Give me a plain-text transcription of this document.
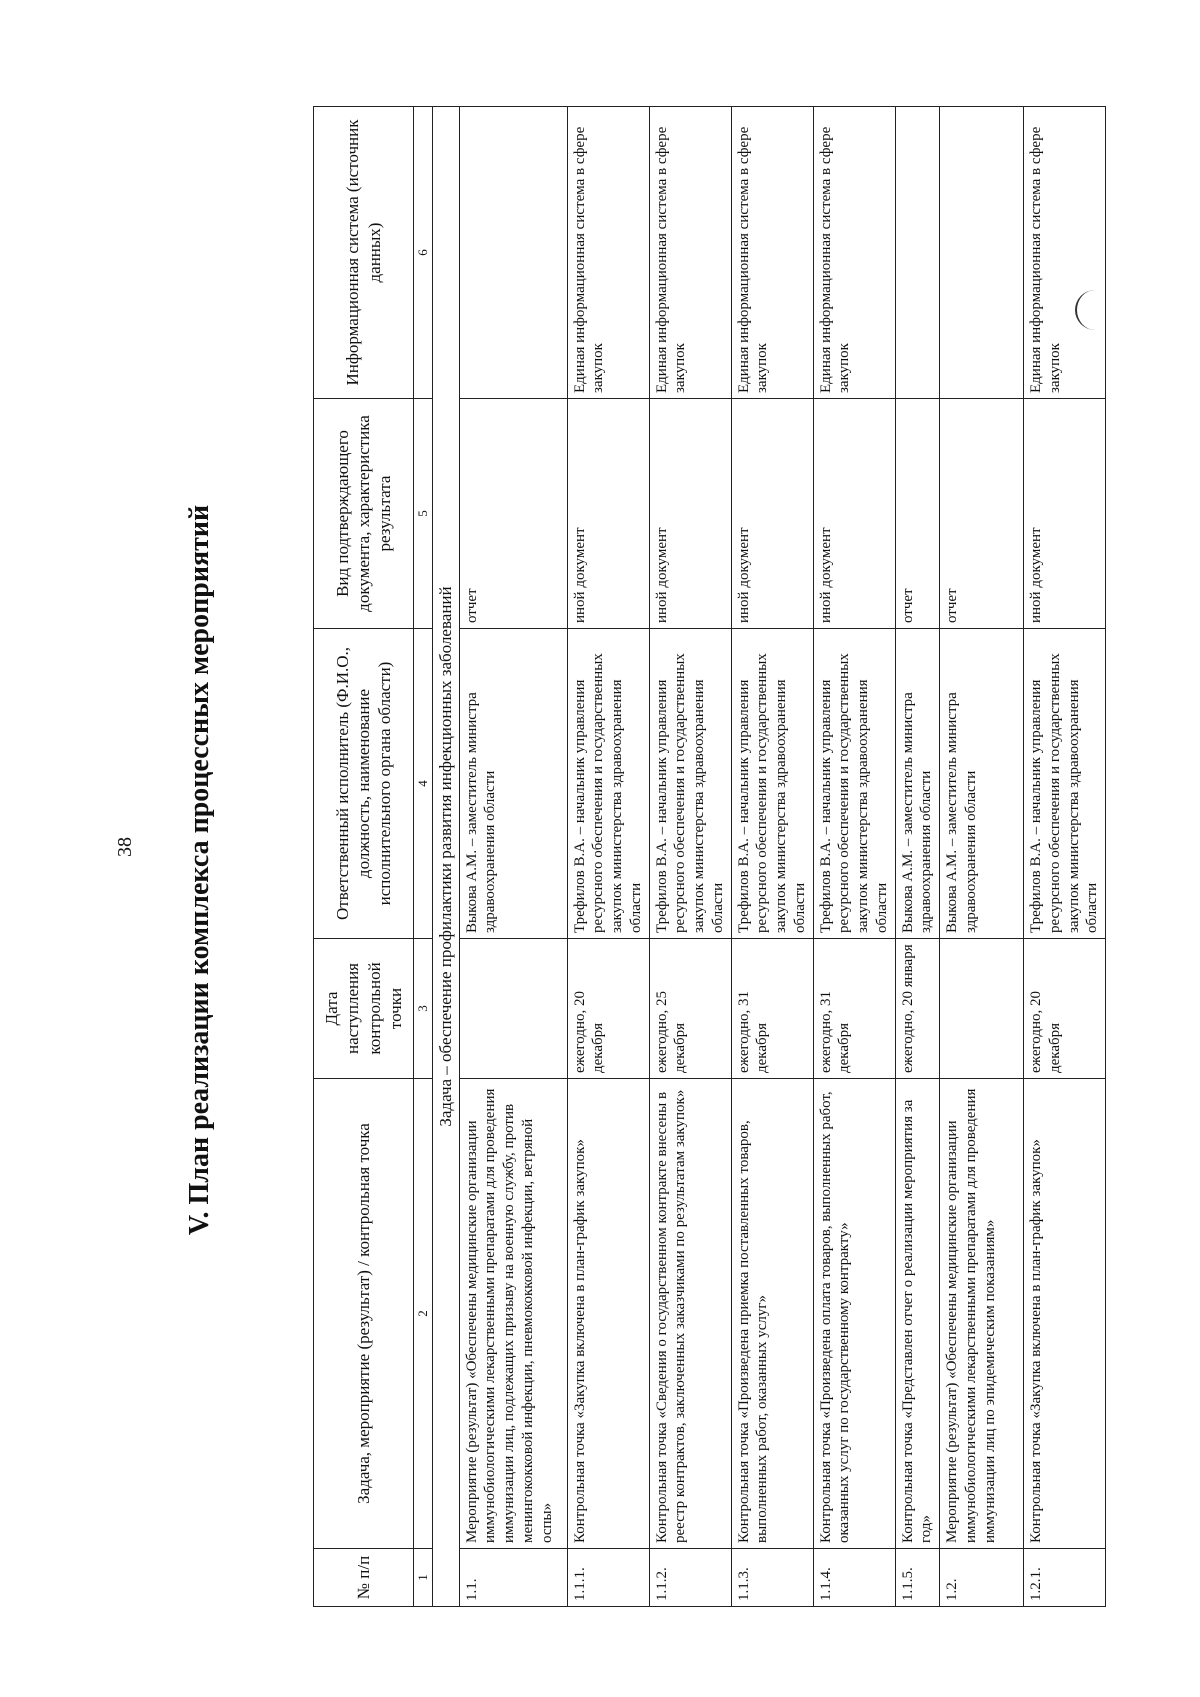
38 V. План реализации комплекса процессных мероприятий
№ п/п	Задача, мероприятие (результат) / контрольная точка	Дата наступления контрольной точки	Ответственный исполнитель (Ф.И.О., должность, наименование исполнительного органа области)	Вид подтверждающего документа, характеристика результата	Информационная система (источник данных)
1	2	3	4	5	6
Задача – обеспечение профилактики развития инфекционных заболеваний					
1.1.	Мероприятие (результат) «Обеспечены медицинские организации иммунобиологическими лекарственными препаратами для проведения иммунизации лиц, подлежащих призыву на военную службу, против менингококковой инфекции, пневмококковой инфекции, ветряной оспы»		Выкова А.М. – заместитель министра здравоохранения области	отчет	
1.1.1.	Контрольная точка «Закупка включена в план-график закупок»	ежегодно, 20 декабря	Трефилов В.А. – начальник управления ресурсного обеспечения и государственных закупок министерства здравоохранения области	иной документ	Единая информационная система в сфере закупок
1.1.2.	Контрольная точка «Сведения о государственном контракте внесены в реестр контрактов, заключенных заказчиками по результатам закупок»	ежегодно, 25 декабря	Трефилов В.А. – начальник управления ресурсного обеспечения и государственных закупок министерства здравоохранения области	иной документ	Единая информационная система в сфере закупок
1.1.3.	Контрольная точка «Произведена приемка поставленных товаров, выполненных работ, оказанных услуг»	ежегодно, 31 декабря	Трефилов В.А. – начальник управления ресурсного обеспечения и государственных закупок министерства здравоохранения области	иной документ	Единая информационная система в сфере закупок
1.1.4.	Контрольная точка «Произведена оплата товаров, выполненных работ, оказанных услуг по государственному контракту»	ежегодно, 31 декабря	Трефилов В.А. – начальник управления ресурсного обеспечения и государственных закупок министерства здравоохранения области	иной документ	Единая информационная система в сфере закупок
1.1.5.	Контрольная точка «Представлен отчет о реализации мероприятия за год»	ежегодно, 20 января	Выкова А.М. – заместитель министра здравоохранения области	отчет	
1.2.	Мероприятие (результат) «Обеспечены медицинские организации иммунобиологическими лекарственными препаратами для проведения иммунизации лиц по эпидемическим показаниям»		Выкова А.М. – заместитель министра здравоохранения области	отчет	
1.2.1.	Контрольная точка «Закупка включена в план-график закупок»	ежегодно, 20 декабря	Трефилов В.А. – начальник управления ресурсного обеспечения и государственных закупок министерства здравоохранения области	иной документ	Единая информационная система в сфере закупок
